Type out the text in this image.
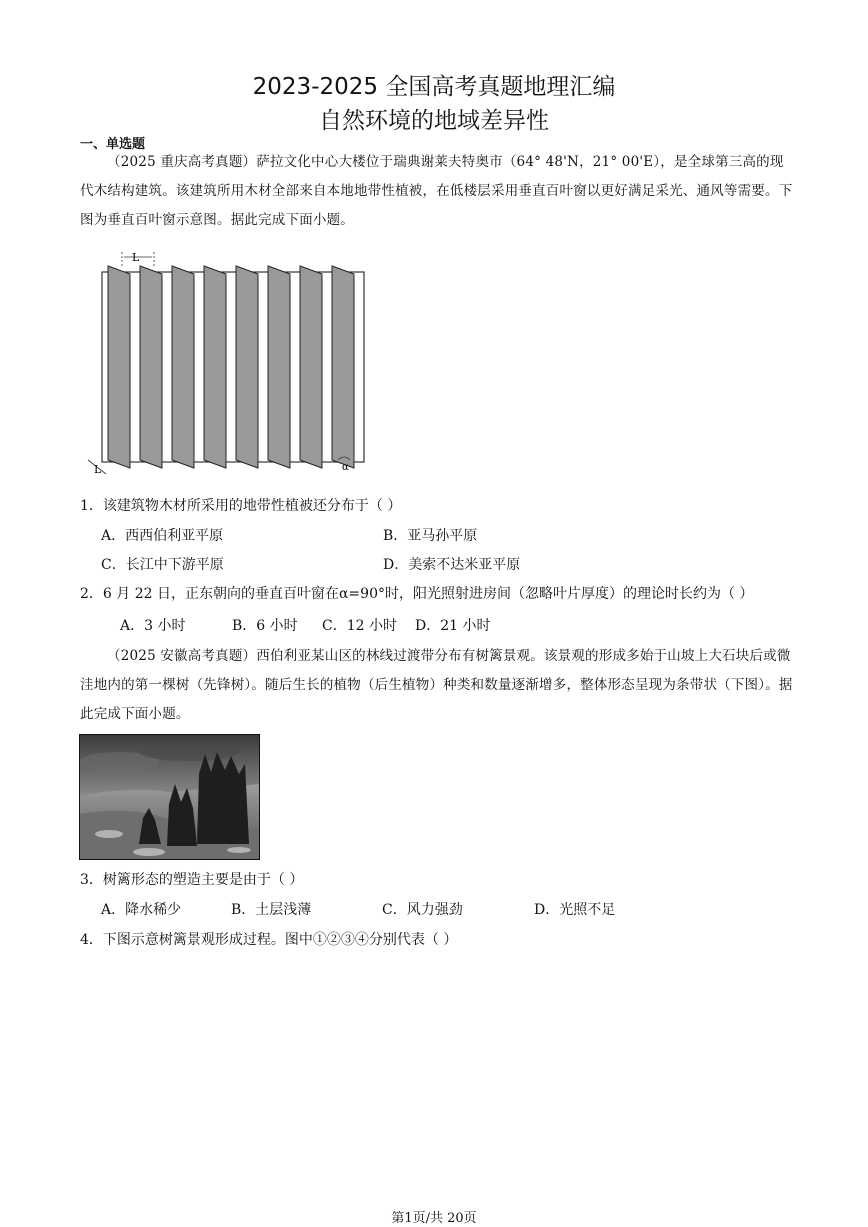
2023-2025 全国高考真题地理汇编
自然环境的地域差异性
一、单选题
（2025 重庆高考真题）萨拉文化中心大楼位于瑞典谢莱夫特奥市（64° 48'N，21° 00'E），是全球第三高的现代木结构建筑。该建筑所用木材全部来自本地地带性植被，在低楼层采用垂直百叶窗以更好满足采光、通风等需要。下图为垂直百叶窗示意图。据此完成下面小题。
L
L	α
1．该建筑物木材所采用的地带性植被还分布于（ ）
A．西西伯利亚平原	B．亚马孙平原
C．长江中下游平原	D．美索不达米亚平原
2．6 月 22 日，正东朝向的垂直百叶窗在α=90°时，阳光照射进房间（忽略叶片厚度）的理论时长约为（ ）
A．3 小时	B．6 小时 C．12 小时 D．21 小时
（2025 安徽高考真题）西伯利亚某山区的林线过渡带分布有树篱景观。该景观的形成多始于山坡上大石块后或微洼地内的第一棵树（先锋树）。随后生长的植物（后生植物）种类和数量逐渐增多，整体形态呈现为条带状（下图）。据此完成下面小题。
3．树篱形态的塑造主要是由于（ ）
A．降水稀少	B．土层浅薄	C．风力强劲	D．光照不足
4．下图示意树篱景观形成过程。图中①②③④分别代表（ ）
第1页/共 20页
